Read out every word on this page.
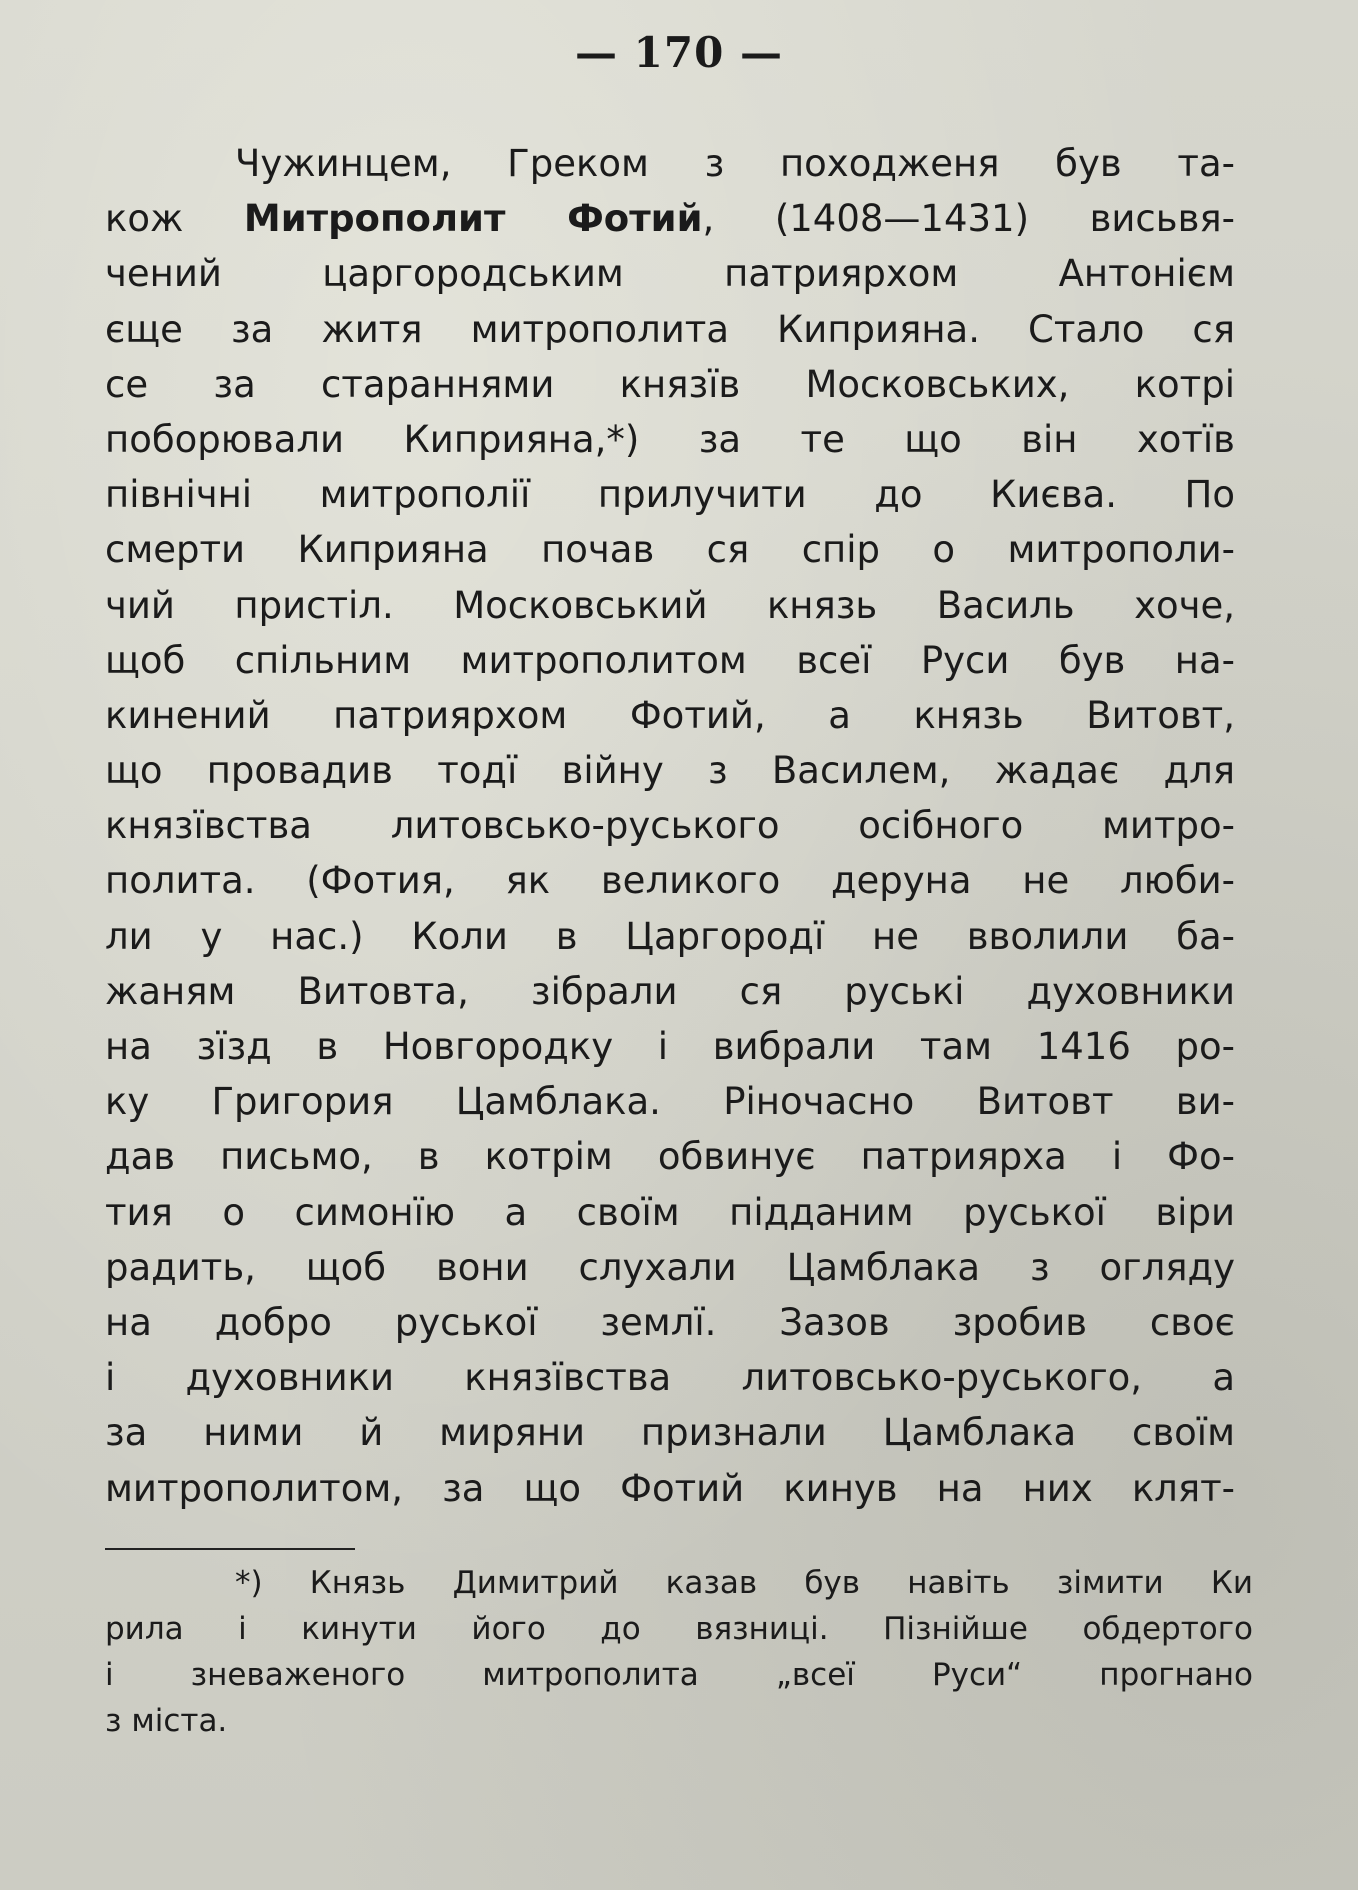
— 170 —
Чужинцем, Греком з походженя був та-
кож Митрополит Фотий, (1408—1431) висьвя-
чений царгородським патриярхом Антонієм
єще за житя митрополита Киприяна. Стало ся
се за стараннями князїв Московських, котрі
поборювали Киприяна,*) за те що він хотїв
північні митрополії прилучити до Києва. По
смерти Киприяна почав ся спір о митрополи-
чий пристіл. Московський князь Василь хоче,
щоб спільним митрополитом всеї Руси був на-
кинений патриярхом Фотий, а князь Витовт,
що провадив тодї війну з Василем, жадає для
князївства литовсько-руського осібного митро-
полита. (Фотия, як великого деруна не люби-
ли у нас.) Коли в Царгородї не вволили ба-
жаням Витовта, зібрали ся руські духовники
на зїзд в Новгородку і вибрали там 1416 ро-
ку Григория Цамблака. Ріночасно Витовт ви-
дав письмо, в котрім обвинує патриярха і Фо-
тия о симонїю а своїм підданим руської віри
радить, щоб вони слухали Цамблака з огляду
на добро руської землї. Зазов зробив своє
і духовники князївства литовсько-руського, а
за ними й миряни признали Цамблака своїм
митрополитом, за що Фотий кинув на них клят-
*) Князь Димитрий казав був навіть зімити Ки
рила і кинути його до вязниці. Пізнійше обдертого
і зневаженого митрополита „всеї Руси“ прогнано
з міста.
